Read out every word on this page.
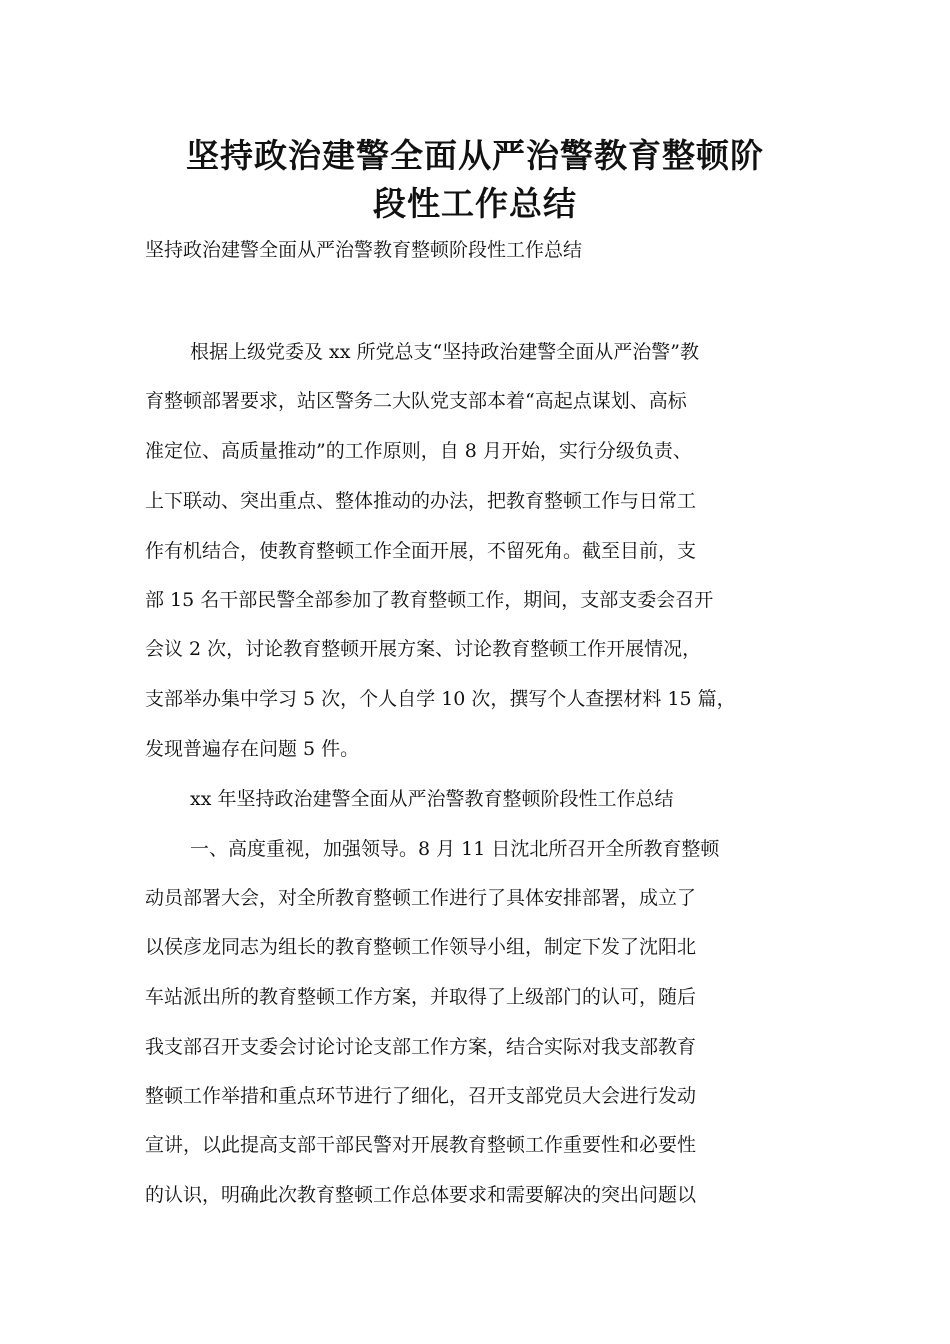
坚持政治建警全面从严治警教育整顿阶
段性工作总结
坚持政治建警全面从严治警教育整顿阶段性工作总结
根据上级党委及 xx 所党总支“坚持政治建警全面从严治警”教
育整顿部署要求，站区警务二大队党支部本着“高起点谋划、高标
准定位、高质量推动”的工作原则，自 8 月开始，实行分级负责、
上下联动、突出重点、整体推动的办法，把教育整顿工作与日常工
作有机结合，使教育整顿工作全面开展，不留死角。截至目前，支
部 15 名干部民警全部参加了教育整顿工作，期间，支部支委会召开
会议 2 次，讨论教育整顿开展方案、讨论教育整顿工作开展情况，
支部举办集中学习 5 次，个人自学 10 次，撰写个人查摆材料 15 篇，
发现普遍存在问题 5 件。
xx 年坚持政治建警全面从严治警教育整顿阶段性工作总结
一、高度重视，加强领导。8 月 11 日沈北所召开全所教育整顿
动员部署大会，对全所教育整顿工作进行了具体安排部署，成立了
以侯彦龙同志为组长的教育整顿工作领导小组，制定下发了沈阳北
车站派出所的教育整顿工作方案，并取得了上级部门的认可，随后
我支部召开支委会讨论讨论支部工作方案，结合实际对我支部教育
整顿工作举措和重点环节进行了细化，召开支部党员大会进行发动
宣讲，以此提高支部干部民警对开展教育整顿工作重要性和必要性
的认识，明确此次教育整顿工作总体要求和需要解决的突出问题以
